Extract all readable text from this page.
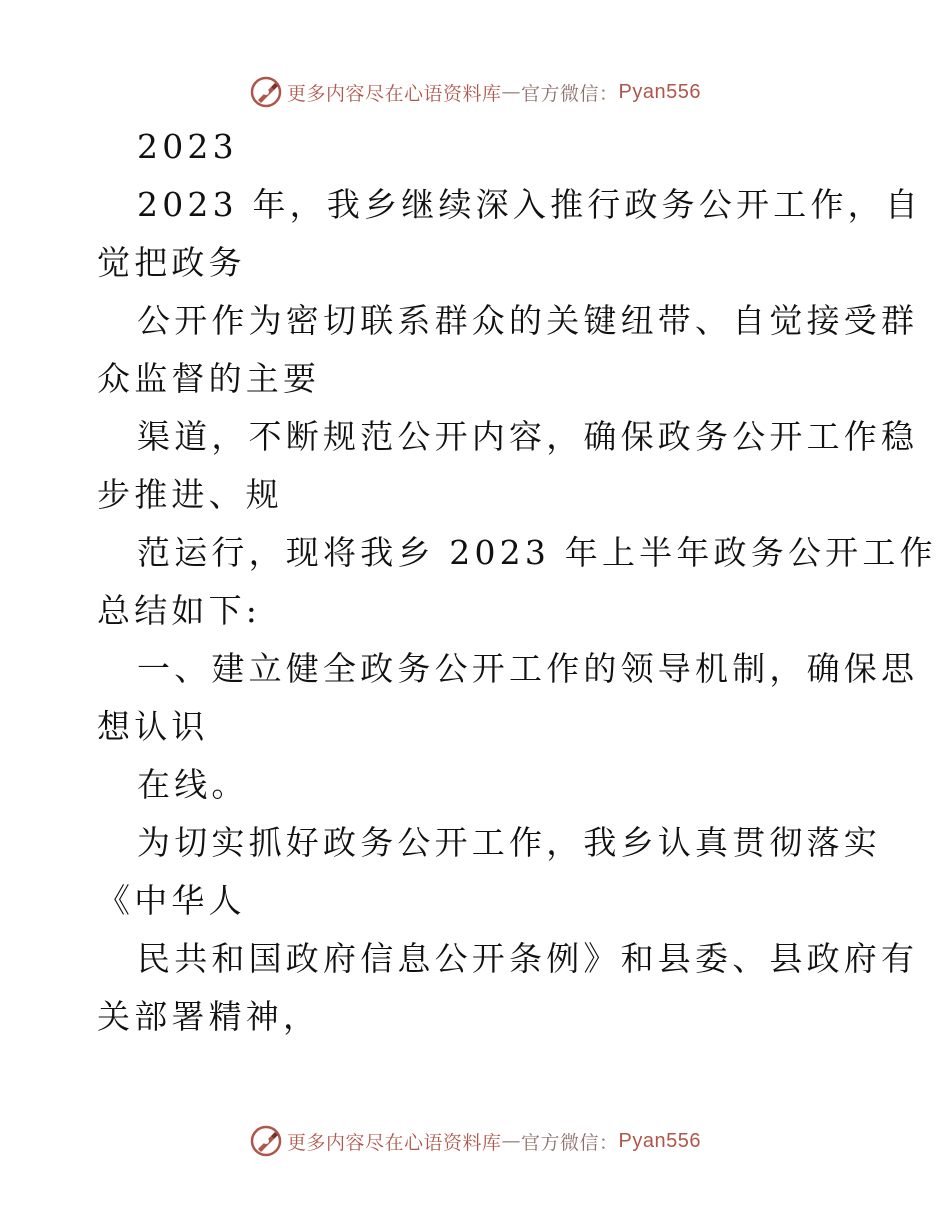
更多内容尽在心语资料库 — 官方微信： Pyan556
2023
2023 年，我乡继续深入推行政务公开工作，自
觉把政务
公开作为密切联系群众的关键纽带、自觉接受群
众监督的主要
渠道，不断规范公开内容，确保政务公开工作稳
步推进、规
范运行，现将我乡 2023 年上半年政务公开工作
总结如下:
一、建立健全政务公开工作的领导机制，确保思
想认识
在线。
为切实抓好政务公开工作，我乡认真贯彻落实
《中华人
民共和国政府信息公开条例》和县委、县政府有
关部署精神，
更多内容尽在心语资料库 — 官方微信： Pyan556
